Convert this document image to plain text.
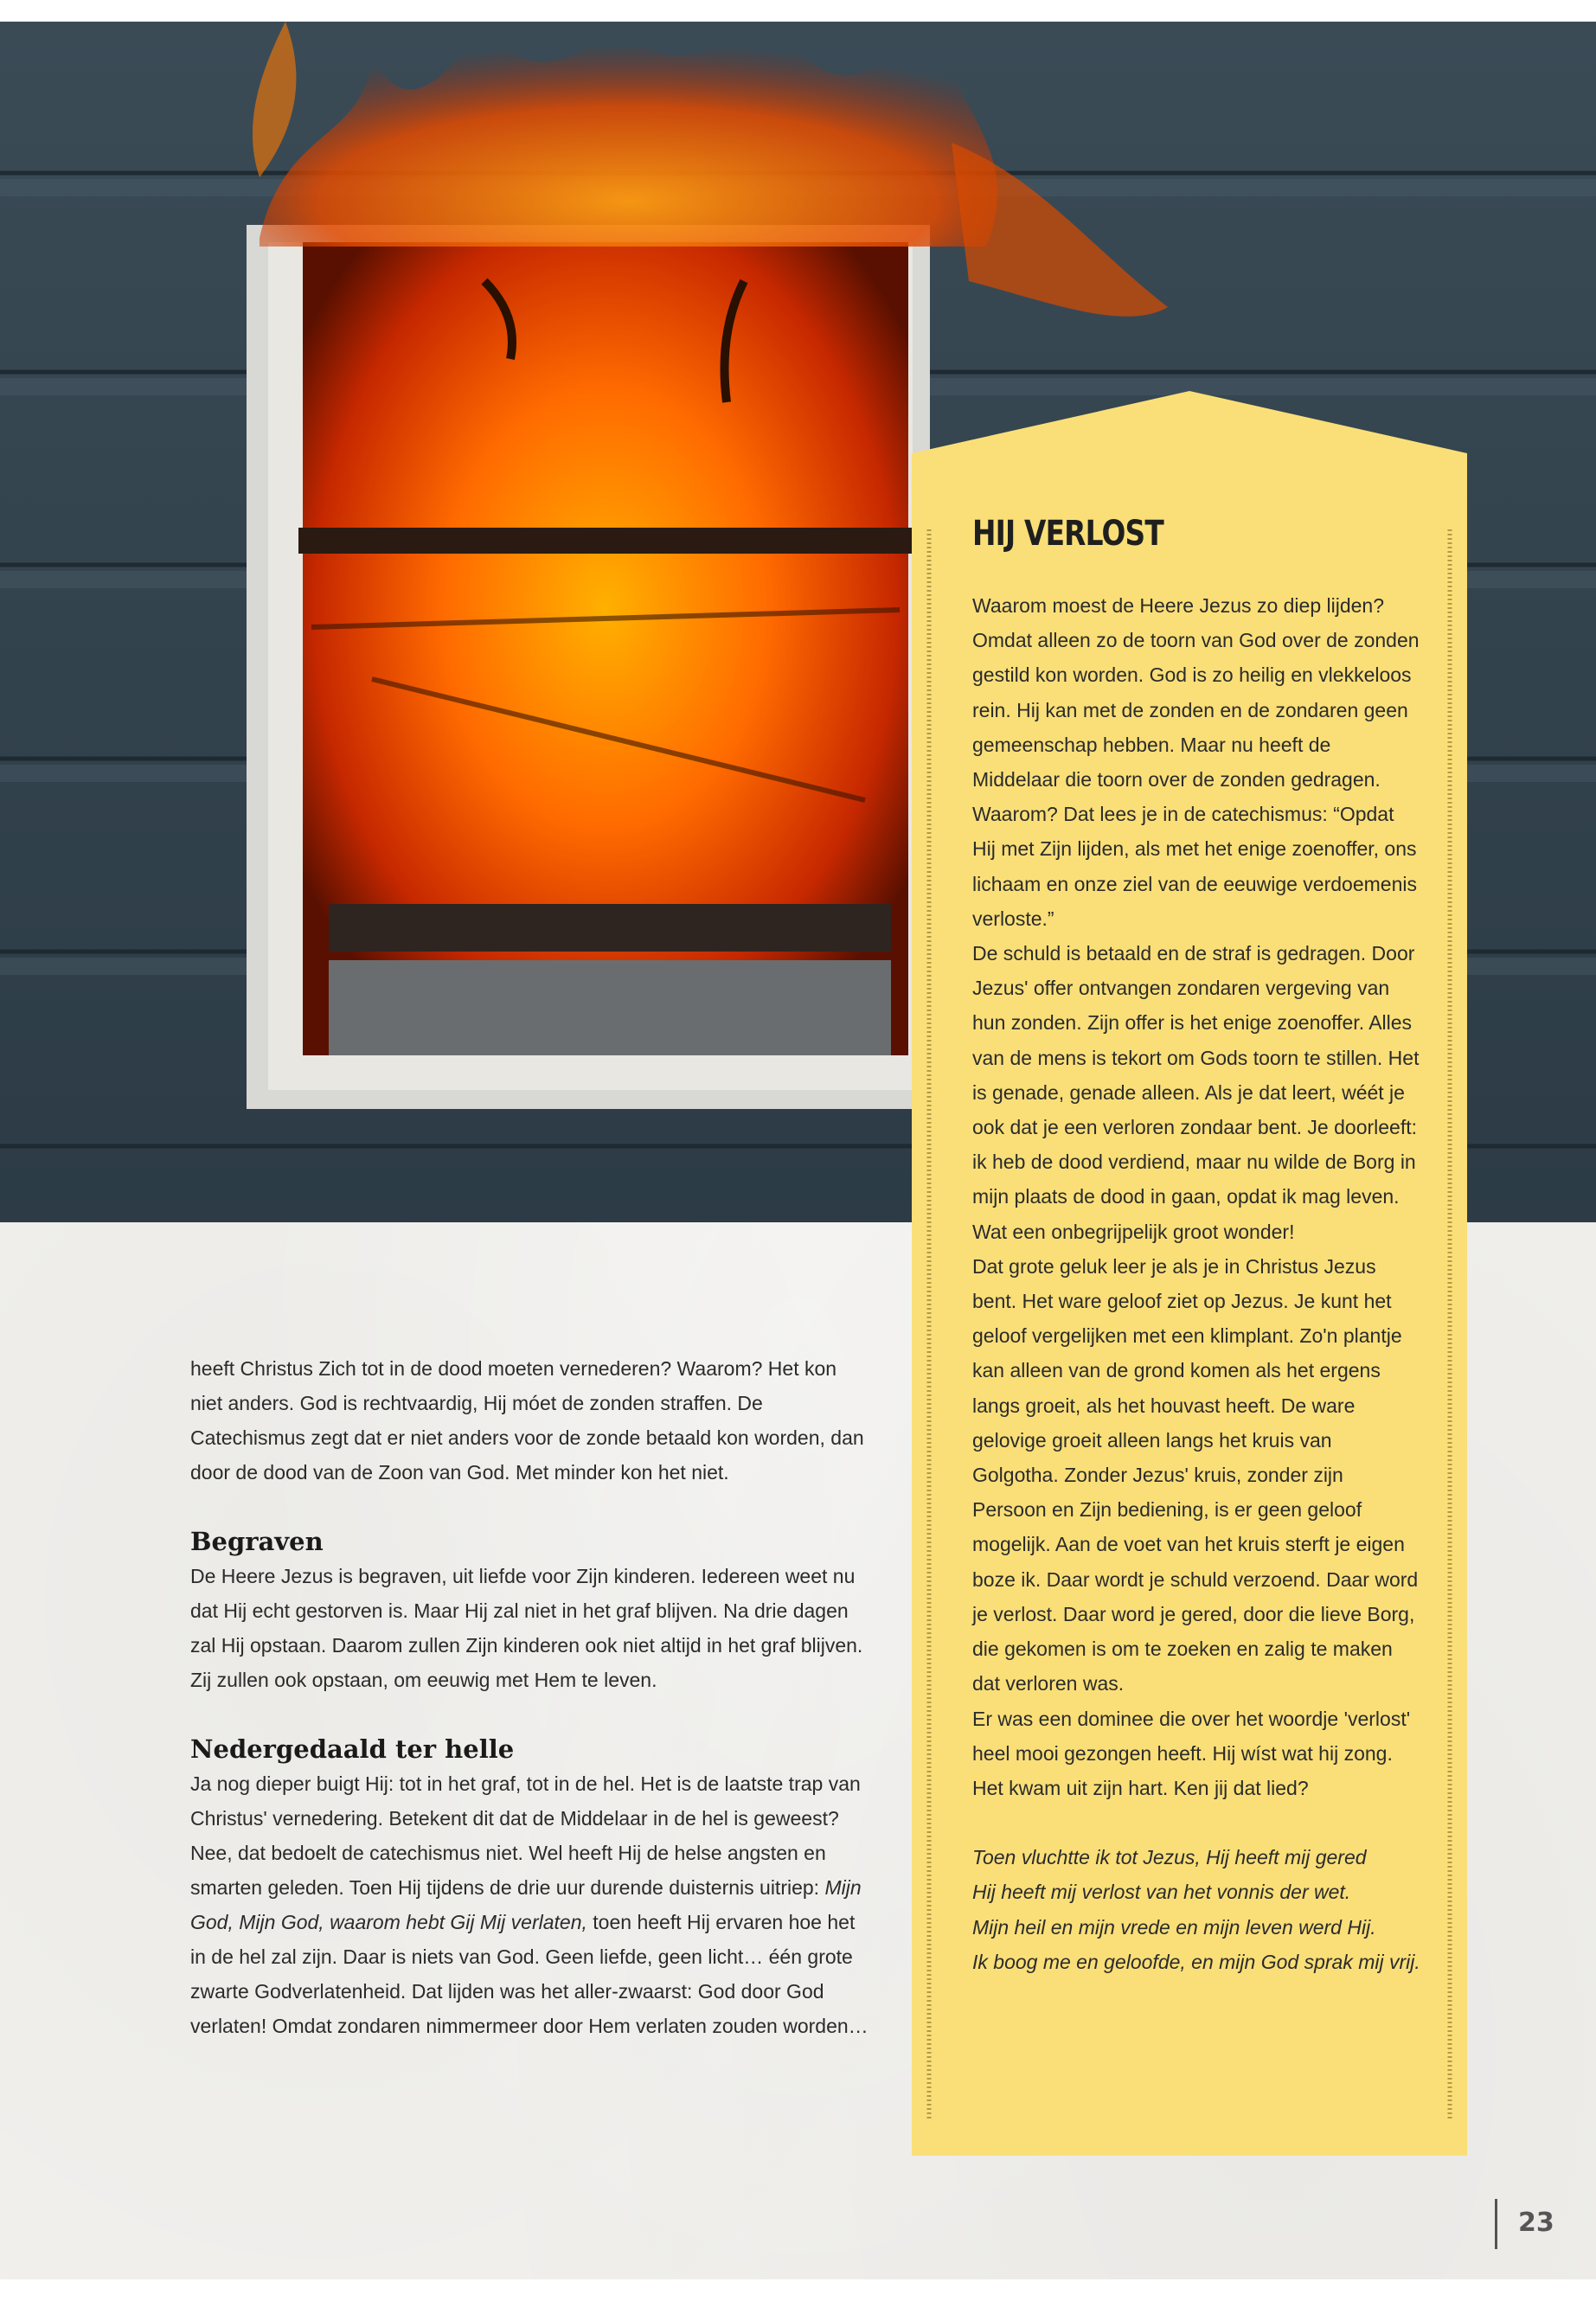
heeft Christus Zich tot in de dood moeten vernederen? Waarom? Het kon niet anders. God is rechtvaardig, Hij móet de zonden straffen. De Catechismus zegt dat er niet anders voor de zonde betaald kon worden, dan door de dood van de Zoon van God. Met minder kon het niet.

Begraven

De Heere Jezus is begraven, uit liefde voor Zijn kinderen. Iedereen weet nu dat Hij echt gestorven is. Maar Hij zal niet in het graf blijven. Na drie dagen zal Hij opstaan. Daarom zullen Zijn kinderen ook niet altijd in het graf blijven. Zij zullen ook opstaan, om eeuwig met Hem te leven.

Nedergedaald ter helle

Ja nog dieper buigt Hij: tot in het graf, tot in de hel. Het is de laatste trap van Christus' vernedering. Betekent dit dat de Middelaar in de hel is geweest? Nee, dat bedoelt de catechismus niet. Wel heeft Hij de helse angsten en smarten geleden. Toen Hij tijdens de drie uur durende duisternis uitriep: Mijn God, Mijn God, waarom hebt Gij Mij verlaten, toen heeft Hij ervaren hoe het in de hel zal zijn. Daar is niets van God. Geen liefde, geen licht… één grote zwarte Godverlatenheid. Dat lijden was het aller-zwaarst: God door God verlaten! Omdat zondaren nimmermeer door Hem verlaten zouden worden…

HIJ VERLOST

Waarom moest de Heere Jezus zo diep lijden? Omdat alleen zo de toorn van God over de zonden gestild kon worden. God is zo heilig en vlekkeloos rein. Hij kan met de zonden en de zondaren geen gemeenschap hebben. Maar nu heeft de Middelaar die toorn over de zonden gedragen. Waarom? Dat lees je in de catechismus: “Opdat Hij met Zijn lijden, als met het enige zoenoffer, ons lichaam en onze ziel van de eeuwige verdoemenis verloste.”

De schuld is betaald en de straf is gedragen. Door Jezus' offer ontvangen zondaren vergeving van hun zonden. Zijn offer is het enige zoenoffer. Alles van de mens is tekort om Gods toorn te stillen. Het is genade, genade alleen. Als je dat leert, wéét je ook dat je een verloren zondaar bent. Je doorleeft: ik heb de dood verdiend, maar nu wilde de Borg in mijn plaats de dood in gaan, opdat ik mag leven. Wat een onbegrijpelijk groot wonder!

Dat grote geluk leer je als je in Christus Jezus bent. Het ware geloof ziet op Jezus. Je kunt het geloof vergelijken met een klimplant. Zo'n plantje kan alleen van de grond komen als het ergens langs groeit, als het houvast heeft. De ware gelovige groeit alleen langs het kruis van Golgotha. Zonder Jezus' kruis, zonder zijn Persoon en Zijn bediening, is er geen geloof mogelijk. Aan de voet van het kruis sterft je eigen boze ik. Daar wordt je schuld verzoend. Daar word je verlost. Daar word je gered, door die lieve Borg, die gekomen is om te zoeken en zalig te maken dat verloren was.

Er was een dominee die over het woordje 'verlost' heel mooi gezongen heeft. Hij wíst wat hij zong. Het kwam uit zijn hart. Ken jij dat lied?

Toen vluchtte ik tot Jezus, Hij heeft mij gered

Hij heeft mij verlost van het vonnis der wet.

Mijn heil en mijn vrede en mijn leven werd Hij.

Ik boog me en geloofde, en mijn God sprak mij vrij.

23
